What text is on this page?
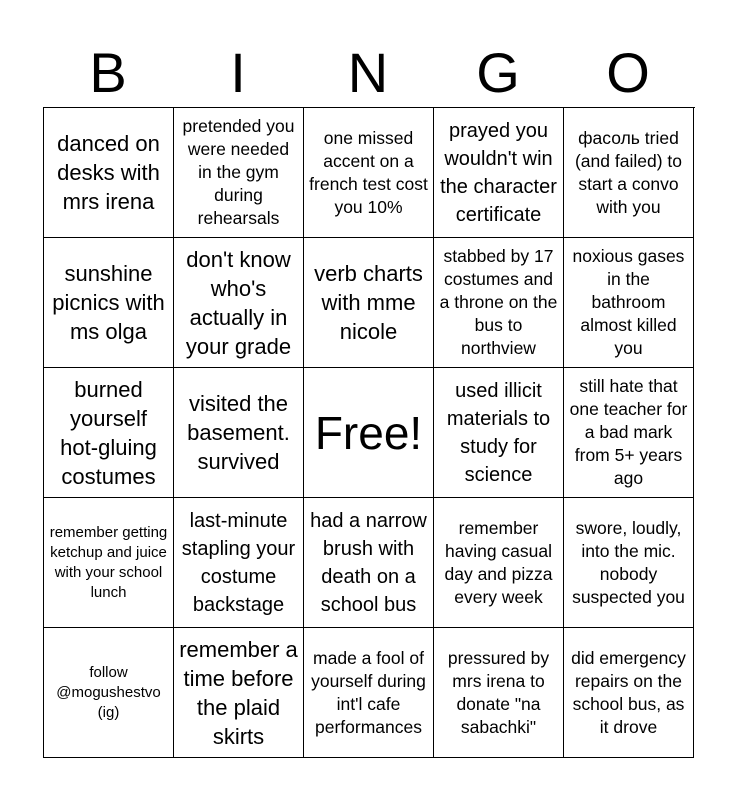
B	I	N	G	O
danced on desks with mrs irena
pretended you were needed in the gym during rehearsals
one missed accent on a french test cost you 10%
prayed you wouldn't win the character certificate
фасоль tried (and failed) to start a convo with you
sunshine picnics with ms olga
don't know who's actually in your grade
verb charts with mme nicole
stabbed by 17 costumes and a throne on the bus to northview
noxious gases in the bathroom almost killed you
burned yourself hot-gluing costumes
visited the basement. survived
Free!
used illicit materials to study for science
still hate that one teacher for a bad mark from 5+ years ago
remember getting ketchup and juice with your school lunch
last-minute stapling your costume backstage
had a narrow brush with death on a school bus
remember having casual day and pizza every week
swore, loudly, into the mic. nobody suspected you
follow @mogushestvo (ig)
remember a time before the plaid skirts
made a fool of yourself during int'l cafe performances
pressured by mrs irena to donate "na sabachki"
did emergency repairs on the school bus, as it drove
